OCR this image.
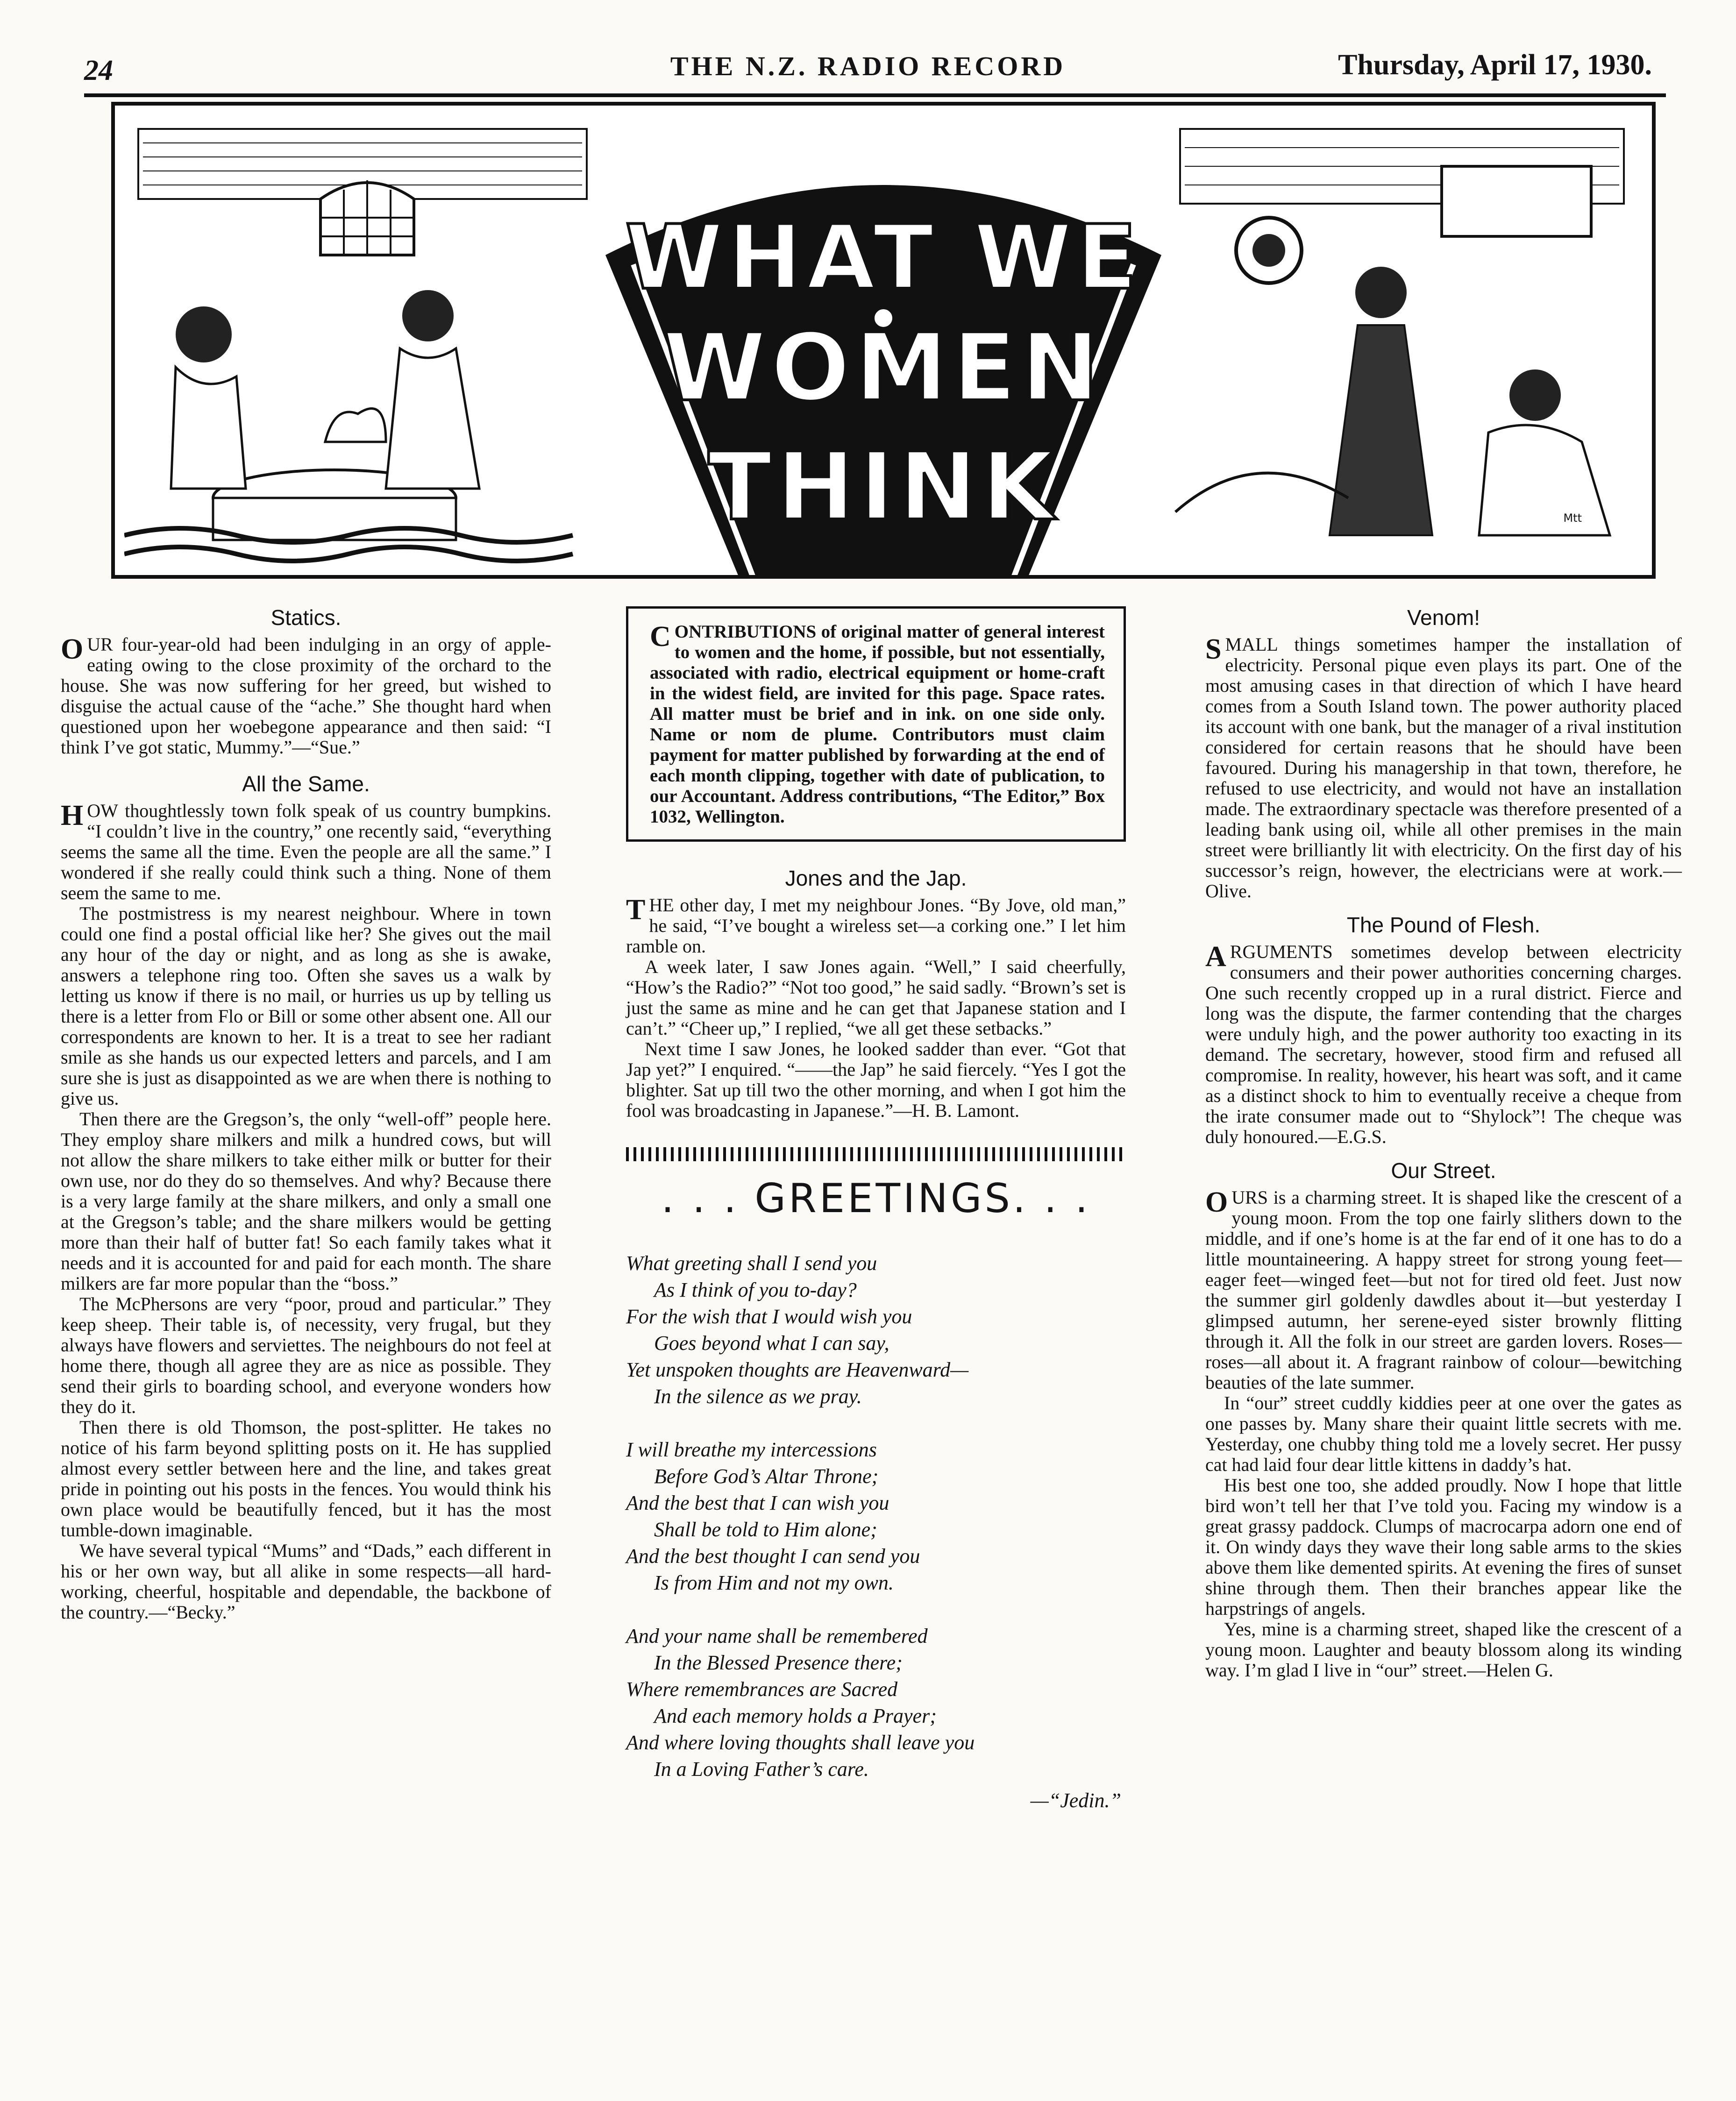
24	THE N.Z. RADIO RECORD	Thursday, April 17, 1930.
WHAT WE
WOMEN
THINK	Mtt
Statics.

OUR four-year-old had been indulging in an orgy of apple-eating owing to the close proximity of the orchard to the house. She was now suffering for her greed, but wished to disguise the actual cause of the “ache.” She thought hard when questioned upon her woebegone appearance and then said: “I think I’ve got static, Mummy.”—“Sue.”

All the Same.

HOW thoughtlessly town folk speak of us country bumpkins. “I couldn’t live in the country,” one recently said, “everything seems the same all the time. Even the people are all the same.” I wondered if she really could think such a thing. None of them seem the same to me.

The postmistress is my nearest neighbour. Where in town could one find a postal official like her? She gives out the mail any hour of the day or night, and as long as she is awake, answers a telephone ring too. Often she saves us a walk by letting us know if there is no mail, or hurries us up by telling us there is a letter from Flo or Bill or some other absent one. All our correspondents are known to her. It is a treat to see her radiant smile as she hands us our expected letters and parcels, and I am sure she is just as disappointed as we are when there is nothing to give us.

Then there are the Gregson’s, the only “well-off” people here. They employ share milkers and milk a hundred cows, but will not allow the share milkers to take either milk or butter for their own use, nor do they do so themselves. And why? Because there is a very large family at the share milkers, and only a small one at the Gregson’s table; and the share milkers would be getting more than their half of butter fat! So each family takes what it needs and it is accounted for and paid for each month. The share milkers are far more popular than the “boss.”

The McPhersons are very “poor, proud and particular.” They keep sheep. Their table is, of necessity, very frugal, but they always have flowers and serviettes. The neighbours do not feel at home there, though all agree they are as nice as possible. They send their girls to boarding school, and everyone wonders how they do it.

Then there is old Thomson, the post-splitter. He takes no notice of his farm beyond splitting posts on it. He has supplied almost every settler between here and the line, and takes great pride in pointing out his posts in the fences. You would think his own place would be beautifully fenced, but it has the most tumble-down imaginable.

We have several typical “Mums” and “Dads,” each different in his or her own way, but all alike in some respects—all hard-working, cheerful, hospitable and dependable, the backbone of the country.—“Becky.”

CONTRIBUTIONS of original matter of general interest to women and the home, if possible, but not essentially, associated with radio, electrical equipment or home-craft in the widest field, are invited for this page. Space rates. All matter must be brief and in ink. on one side only. Name or nom de plume. Contributors must claim payment for matter published by forwarding at the end of each month clipping, together with date of publication, to our Accountant. Address contributions, “The Editor,” Box 1032, Wellington.
Jones and the Jap.

THE other day, I met my neighbour Jones. “By Jove, old man,” he said, “I’ve bought a wireless set—a corking one.” I let him ramble on.

A week later, I saw Jones again. “Well,” I said cheerfully, “How’s the Radio?” “Not too good,” he said sadly. “Brown’s set is just the same as mine and he can get that Japanese station and I can’t.” “Cheer up,” I replied, “we all get these setbacks.”

Next time I saw Jones, he looked sadder than ever. “Got that Jap yet?” I enquired. “——the Jap” he said fiercely. “Yes I got the blighter. Sat up till two the other morning, and when I got him the fool was broadcasting in Japanese.”—H. B. Lamont.

. . . GREETINGS. . .
What greeting shall I send you
As I think of you to-day?
For the wish that I would wish you
Goes beyond what I can say,
Yet unspoken thoughts are Heavenward—
In the silence as we pray.
I will breathe my intercessions
Before God’s Altar Throne;
And the best that I can wish you
Shall be told to Him alone;
And the best thought I can send you
Is from Him and not my own.
And your name shall be remembered
In the Blessed Presence there;
Where remembrances are Sacred
And each memory holds a Prayer;
And where loving thoughts shall leave you
In a Loving Father’s care.
—“Jedin.”
Venom!

SMALL things sometimes hamper the installation of electricity. Personal pique even plays its part. One of the most amusing cases in that direction of which I have heard comes from a South Island town. The power authority placed its account with one bank, but the manager of a rival institution considered for certain reasons that he should have been favoured. During his managership in that town, therefore, he refused to use electricity, and would not have an installation made. The extraordinary spectacle was therefore presented of a leading bank using oil, while all other premises in the main street were brilliantly lit with electricity. On the first day of his successor’s reign, however, the electricians were at work.—Olive.

The Pound of Flesh.

ARGUMENTS sometimes develop between electricity consumers and their power authorities concerning charges. One such recently cropped up in a rural district. Fierce and long was the dispute, the farmer contending that the charges were unduly high, and the power authority too exacting in its demand. The secretary, however, stood firm and refused all compromise. In reality, however, his heart was soft, and it came as a distinct shock to him to eventually receive a cheque from the irate consumer made out to “Shylock”! The cheque was duly honoured.—E.G.S.

Our Street.

OURS is a charming street. It is shaped like the crescent of a young moon. From the top one fairly slithers down to the middle, and if one’s home is at the far end of it one has to do a little mountaineering. A happy street for strong young feet—eager feet—winged feet—but not for tired old feet. Just now the summer girl goldenly dawdles about it—but yesterday I glimpsed autumn, her serene-eyed sister brownly flitting through it. All the folk in our street are garden lovers. Roses—roses—all about it. A fragrant rainbow of colour—bewitching beauties of the late summer.

In “our” street cuddly kiddies peer at one over the gates as one passes by. Many share their quaint little secrets with me. Yesterday, one chubby thing told me a lovely secret. Her pussy cat had laid four dear little kittens in daddy’s hat.

His best one too, she added proudly. Now I hope that little bird won’t tell her that I’ve told you. Facing my window is a great grassy paddock. Clumps of macrocarpa adorn one end of it. On windy days they wave their long sable arms to the skies above them like demented spirits. At evening the fires of sunset shine through them. Then their branches appear like the harpstrings of angels.

Yes, mine is a charming street, shaped like the crescent of a young moon. Laughter and beauty blossom along its winding way. I’m glad I live in “our” street.—Helen G.
